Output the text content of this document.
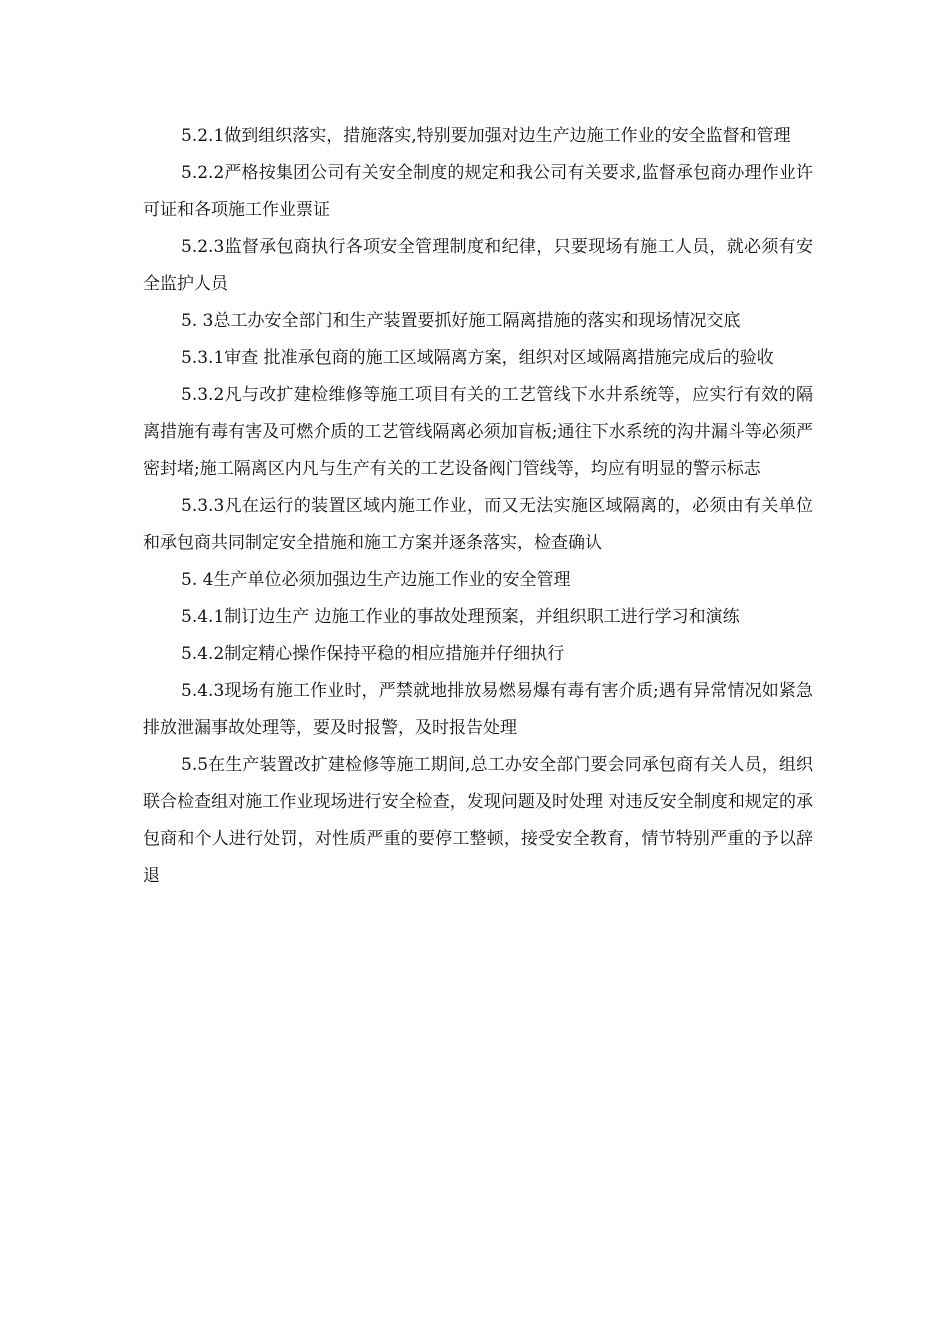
5.2.1做到组织落实，措施落实,特别要加强对边生产边施工作业的安全监督和管理

5.2.2严格按集团公司有关安全制度的规定和我公司有关要求,监督承包商办理作业许可证和各项施工作业票证

5.2.3监督承包商执行各项安全管理制度和纪律，只要现场有施工人员，就必须有安全监护人员

5. 3总工办安全部门和生产装置要抓好施工隔离措施的落实和现场情况交底

5.3.1审查 批准承包商的施工区域隔离方案，组织对区域隔离措施完成后的验收

5.3.2凡与改扩建检维修等施工项目有关的工艺管线下水井系统等，应实行有效的隔离措施有毒有害及可燃介质的工艺管线隔离必须加盲板;通往下水系统的沟井漏斗等必须严密封堵;施工隔离区内凡与生产有关的工艺设备阀门管线等，均应有明显的警示标志

5.3.3凡在运行的装置区域内施工作业，而又无法实施区域隔离的，必须由有关单位和承包商共同制定安全措施和施工方案并逐条落实，检查确认

5. 4生产单位必须加强边生产边施工作业的安全管理

5.4.1制订边生产 边施工作业的事故处理预案，并组织职工进行学习和演练

5.4.2制定精心操作保持平稳的相应措施并仔细执行

5.4.3现场有施工作业时，严禁就地排放易燃易爆有毒有害介质;遇有异常情况如紧急排放泄漏事故处理等，要及时报警，及时报告处理

5.5在生产装置改扩建检修等施工期间,总工办安全部门要会同承包商有关人员，组织联合检查组对施工作业现场进行安全检查，发现问题及时处理 对违反安全制度和规定的承包商和个人进行处罚，对性质严重的要停工整顿，接受安全教育，情节特别严重的予以辞退
